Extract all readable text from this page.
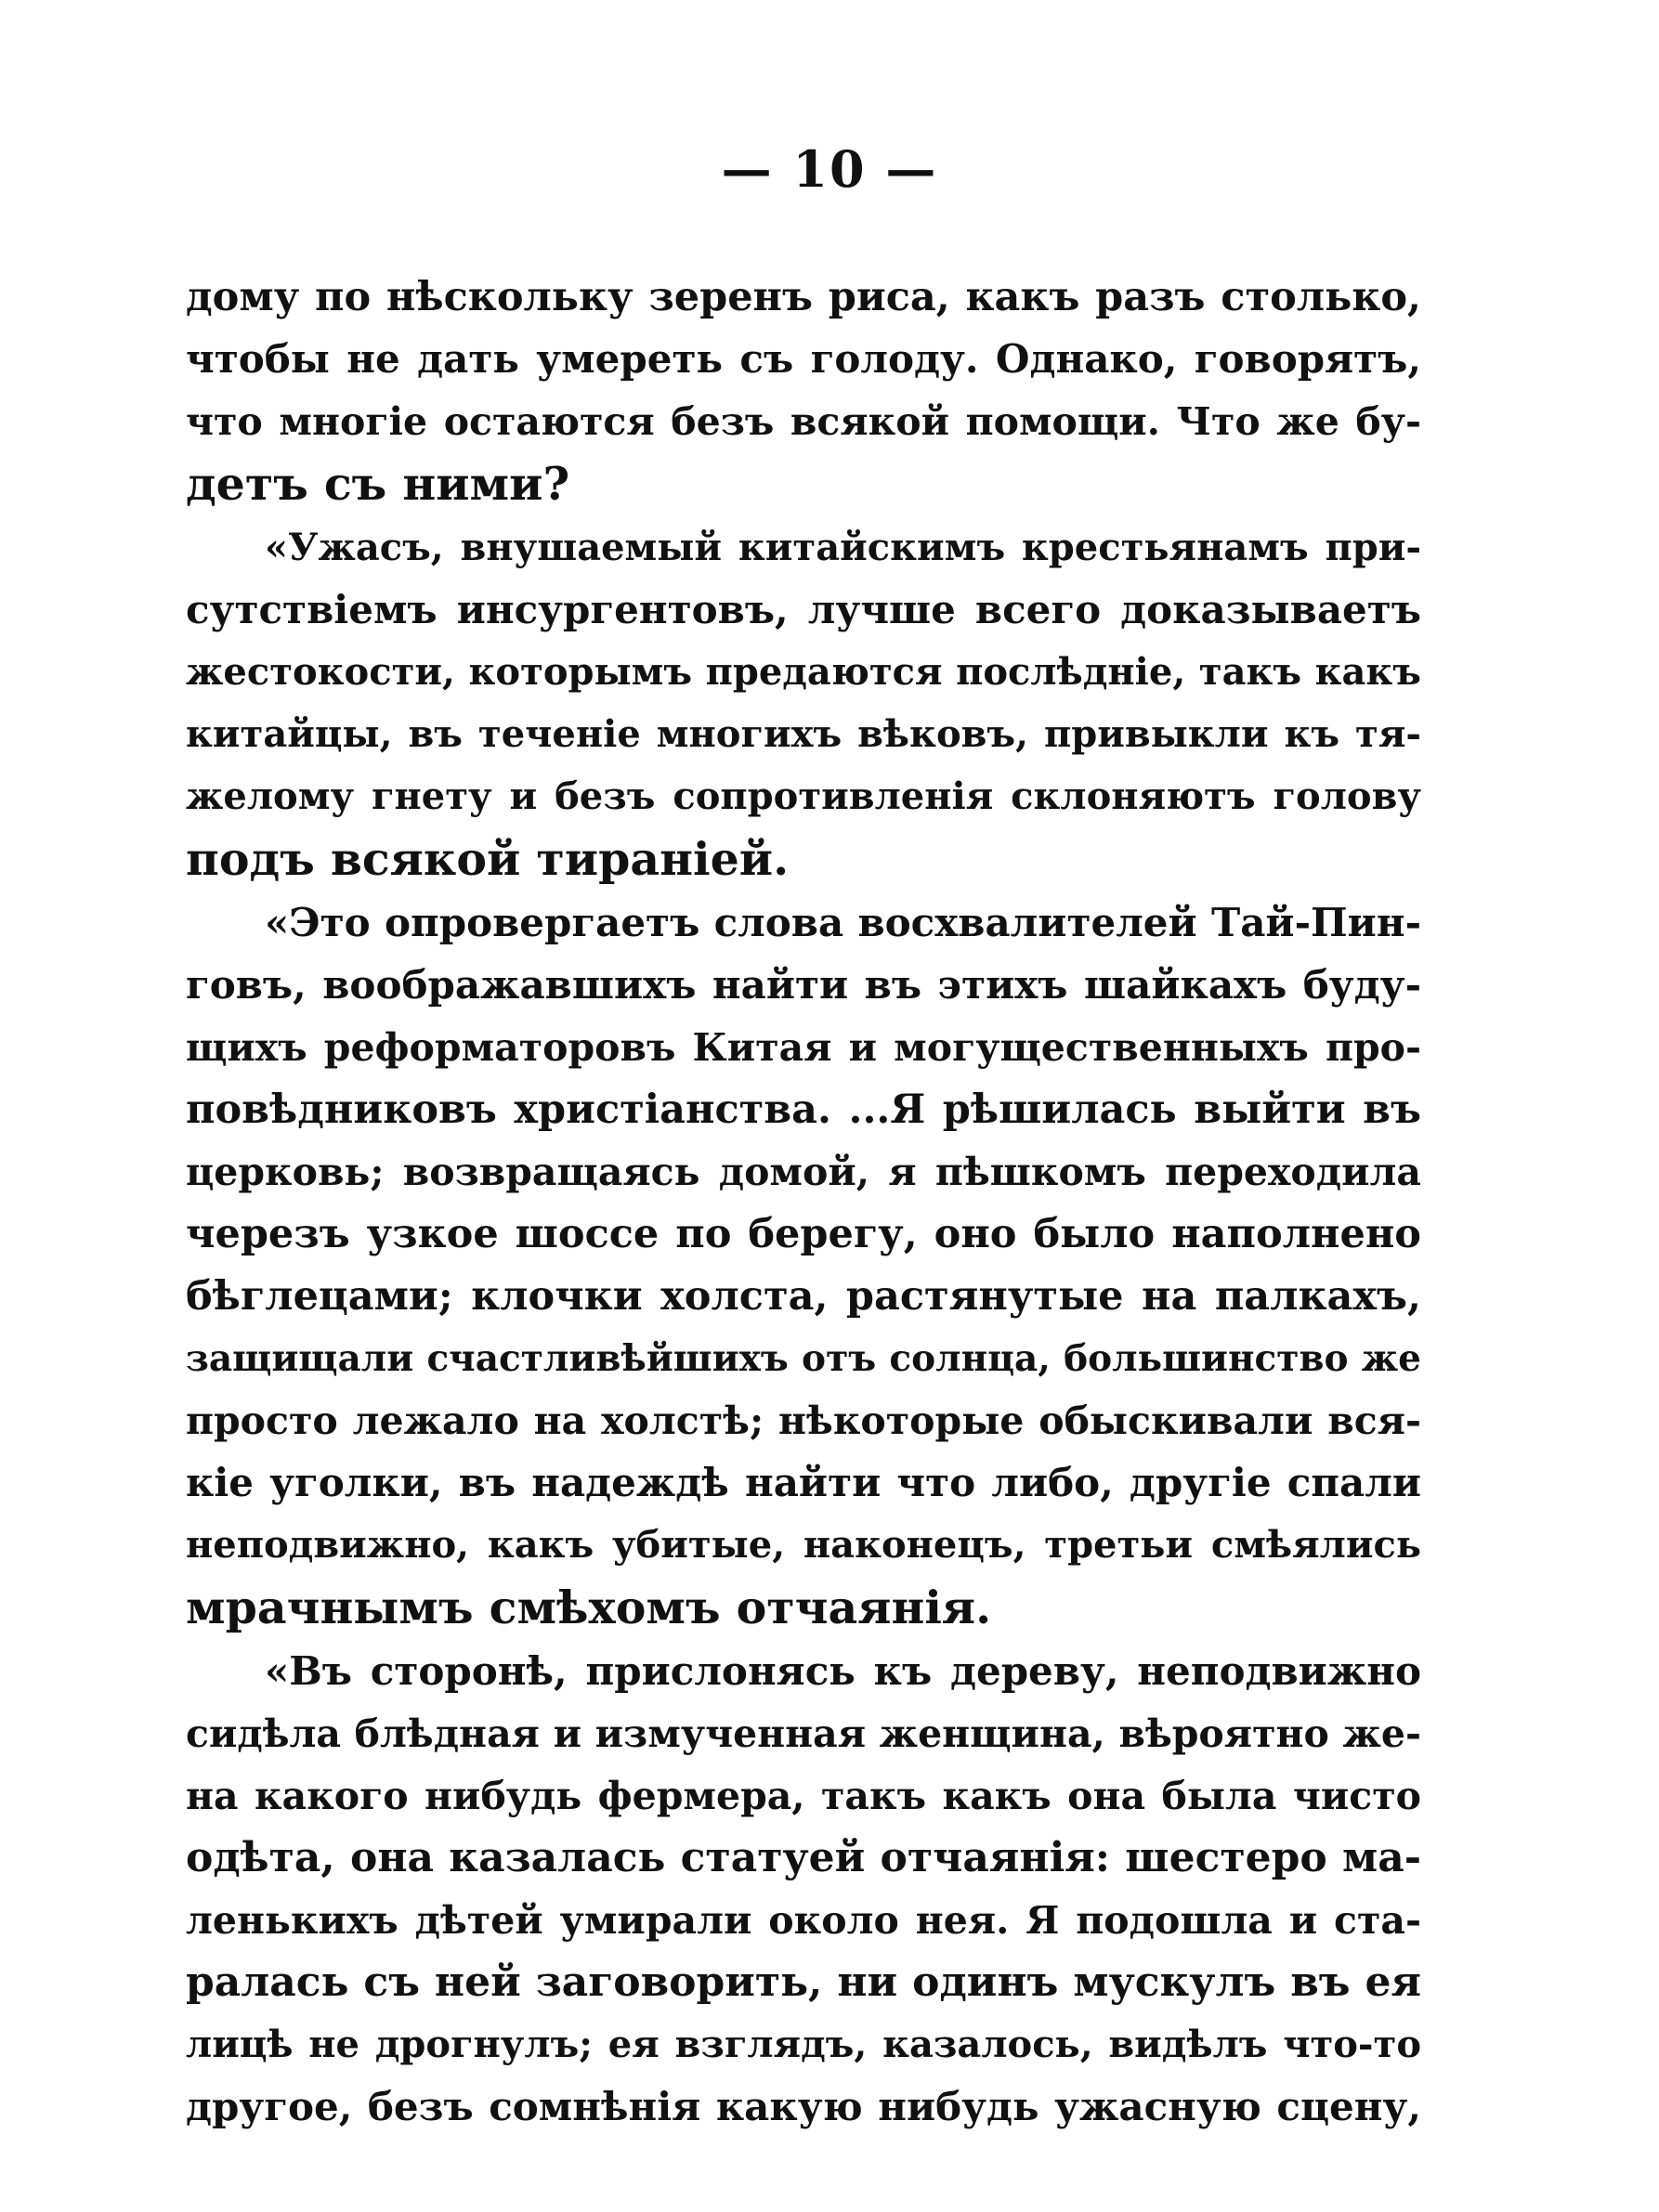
— 10 —
дому по нѣскольку зеренъ риса, какъ разъ столько,
чтобы не дать умереть съ голоду. Однако, говорятъ,
что многіе остаются безъ всякой помощи. Что же бу-
детъ съ ними?
«Ужасъ, внушаемый китайскимъ крестьянамъ при-
сутствіемъ инсургентовъ, лучше всего доказываетъ
жестокости, которымъ предаются послѣдніе, такъ какъ
китайцы, въ теченіе многихъ вѣковъ, привыкли къ тя-
желому гнету и безъ сопротивленія склоняютъ голову
подъ всякой тираніей.
«Это опровергаетъ слова восхвалителей Тай-Пин-
говъ, воображавшихъ найти въ этихъ шайкахъ буду-
щихъ реформаторовъ Китая и могущественныхъ про-
повѣдниковъ христіанства. ...Я рѣшилась выйти въ
церковь; возвращаясь домой, я пѣшкомъ переходила
черезъ узкое шоссе по берегу, оно было наполнено
бѣглецами; клочки холста, растянутые на палкахъ,
защищали счастливѣйшихъ отъ солнца, большинство же
просто лежало на холстѣ; нѣкоторые обыскивали вся-
кіе уголки, въ надеждѣ найти что либо, другіе спали
неподвижно, какъ убитые, наконецъ, третьи смѣялись
мрачнымъ смѣхомъ отчаянія.
«Въ сторонѣ, прислонясь къ дереву, неподвижно
сидѣла блѣдная и измученная женщина, вѣроятно же-
на какого нибудь фермера, такъ какъ она была чисто
одѣта, она казалась статуей отчаянія: шестеро ма-
ленькихъ дѣтей умирали около нея. Я подошла и ста-
ралась съ ней заговорить, ни одинъ мускулъ въ ея
лицѣ не дрогнулъ; ея взглядъ, казалось, видѣлъ что-то
другое, безъ сомнѣнія какую нибудь ужасную сцену,
